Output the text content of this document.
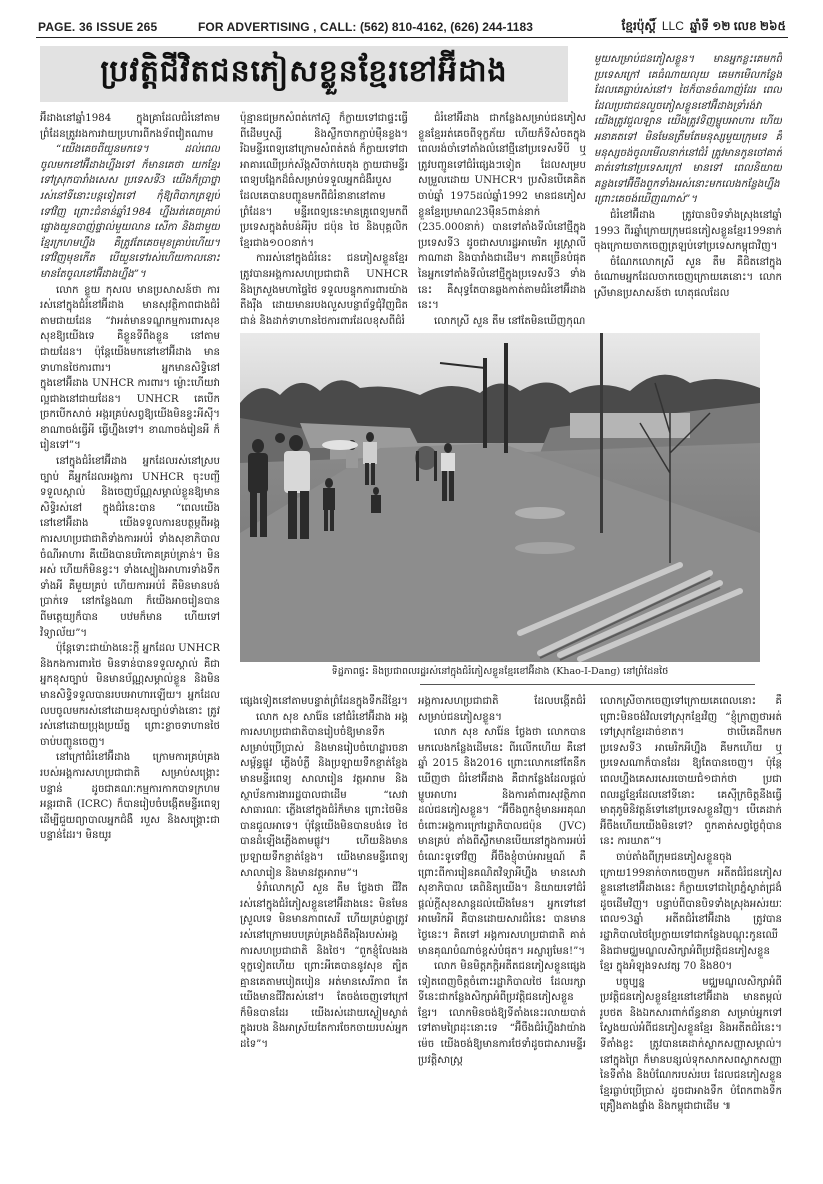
PAGE. 36 ISSUE 265	FOR ADVERTISING , CALL: (562) 810-4162, (626) 244-1183	ខ្មែរប៉ុស្តិ៍ LLC ឆ្នាំទី ១២ លេខ ២៦៥
ប្រវត្តិជីវិតជនភៀសខ្លួនខ្មែរខៅអ៊ីដាង

អ៊ីដាងនៅឆ្នាំ1984 ក្នុងគ្រាដែលជំរំនៅតាមព្រំដែនត្រូវរងការវាយប្រហារពីកងទ័ពវៀតណាម

“យើងគេចពីយួនមកទេ។ ដល់ពេលចូលមកខៅអ៊ីដាងហ្នឹងទៅ ក៏មានគេថា យកខ្មែរទៅស្រុកបារាំងសេស ប្រទេសទី3 យើងក៏ប្រាថ្នារស់នៅទីនោះបន្តទៀតទៅ កុំឱ្យពិបាកត្រឡប់ទៅវិញ ព្រោះជំនាន់ឆ្នាំ1984 ហ្នឹងរត់គេចគ្រាប់ផ្លោងយួនបាញ់ផ្ទាល់មួយលាន សើកា និងជាមួយខ្មែរក្រហមហ្នឹង គឺត្រូវតែគេចមុខគ្រាប់ហើយ។ ទៅវិញមុខកើត បើយួនទៅរស់ហើយកាលនោះ មានតែចូលខៅអ៊ីដាងហ្នឹង”។

លោក ខ្លួយ កុសល មានប្រសាសន៍ថា ការរស់នៅក្នុងជំរំខៅអ៊ីដាង មានសុវត្ថិភាពជាងជំរំតាមជាយដែន “វាអត់មានទណ្ឌកម្មការពារសុខសុខឱ្យយើងទេ គឺខ្លួនទីពឹងខ្លួន នៅតាមជាយដែន។ ប៉ុន្តែយើងមកនៅខៅអ៊ីដាង មានទាហានថៃការពារ។ អ្នកមានសិទ្ធិនៅក្នុងខៅអ៊ីដាង UNHCR ការពារ។ ម្ល៉ោះហើយវាល្អជាងនៅជាយដែន។ UNHCR គេបើកច្រកបើកសាច់ អង្ករគ្រប់សព្វឱ្យយើងមិនខ្វះអីស៊ី។ ខាណាចង់ធ្វើអី ធ្វើហ្នឹងទៅ។ ខាណាចង់រៀនអី ក៏រៀនទៅ”។

នៅក្នុងជំរំខៅអ៊ីដាង អ្នកដែលរស់នៅស្របច្បាប់ គឺអ្នកដែលអង្គការ UNHCR ចុះបញ្ជីទទួលស្គាល់ និងចេញប័ណ្ណសម្គាល់ខ្លួនឱ្យមានសិទ្ធិរស់នៅ ក្នុងជំរំនេះបាន “ពេលយើងនៅខៅអ៊ីដាង យើងទទួលការឧបត្ថម្ភពីអង្គការសហប្រជាជាតិទាំងការអប់រំ ទាំងសុខាភិបាល ចំណីអាហារ គឺយើងបានបរិភោគគ្រប់គ្រាន់។ មិនអស់ ហើយក៏មិនខ្វះ។ ទាំងស្បៀងអាហារទាំងទឹកទាំងអី គឺមួយគ្រប់ ហើយការអប់រំ គឺមិនមានបង់ប្រាក់ទេ នៅកន្លែងណា ក៏យើងអាចរៀនបាន ពីមត្តេយ្យក៏បាន បឋមក៏មាន ហើយទៅវិទ្យាល័យ”។

ប៉ុន្តែទោះជាយ៉ាងនេះក្តី អ្នកដែល UNHCR និងកងការពារថៃ មិនទាន់បានទទួលស្គាល់ គឺជាអ្នកខុសច្បាប់ មិនមានប័ណ្ណសម្គាល់ខ្លួន និងមិនមានសិទ្ធិទទួលបានរបបអាហារឡើយ។ អ្នកដែលលបចូលមករស់នៅដោយខុសច្បាប់ទាំងនោះ ត្រូវរស់នៅដោយប្រុងប្រយ័ត្ន ព្រោះខ្លាចទាហានថៃចាប់បញ្ជូនចេញ។

នៅក្រៅជំរំខៅអ៊ីដាង ក្រោមការគ្រប់គ្រងរបស់អង្គការសហប្រជាជាតិ សម្រាប់សង្គ្រោះបន្ទាន់ ដូចជាគណៈកម្មការកាកបាទក្រហមអន្តរជាតិ (ICRC) ក៏បានរៀបចំបង្កើតមន្ទីរពេទ្យ ដើម្បីជួយព្យាបាលអ្នកជំងឺ របួស និងសង្គ្រោះជាបន្ទាន់ដែរ។ មិនយូរ

ប៉ុន្មានជម្រកសំពត់កៅស៊ូ ក៏ក្លាយទៅជាផ្ទះធ្វើពីដើមឬស្សី និងស្លឹកចាកភ្ជាប់ម៉ឺនខ្លង។ រីឯមន្ទីរពេទ្យនៅក្រោមសំពត់តង់ ក៏ក្លាយទៅជាអាគារឈើប្រក់ស័ង្កសីចាក់បេតុង ក្លាយជាមន្ទីរពេទ្យបង្អែកដ៏ធំសម្រាប់ទទួលអ្នកជំងឺរបួសដែលគេបានបញ្ជូនមកពីជំរំនានានៅតាមព្រំដែន។ មន្ទីរពេទ្យនេះមានគ្រូពេទ្យមកពីប្រទេសក្នុងតំបន់អឺរ៉ុប ជប៉ុន ថៃ និងបុគ្គលិកខ្មែរជាង១០០នាក់។

ការរស់នៅក្នុងជំរំនេះ ជនភៀសខ្លួនខ្មែរត្រូវបានអង្គការសហប្រជាជាតិ UNHCR និងក្រសួងមហាផ្ទៃថៃ ទទួលបន្ទុកការពារយ៉ាងតឹងរ៉ឹង ដោយមានរបងលួសបន្លាព័ទ្ធជុំវិញជិតជាន់ និងដាក់ទាហានថៃការពារដែលខុសពីជំរំ

ជំរំខៅអ៊ីដាង ជាកន្លែងសម្រាប់ជនភៀសខ្លួនខ្មែររត់គេចពីទុក្ខភ័យ ហើយក៏ទីសំចតក្នុងពេលរង់ចាំទៅតាំងលំនៅថ្មីនៅប្រទេសទីបី ឬត្រូវបញ្ជូនទៅជំរំផ្សេងៗទៀត ដែលសម្របសម្រួលដោយ UNHCR។ ប្រសិនបើគេគិតចាប់ឆ្នាំ 1975ដល់ឆ្នាំ1992 មានជនភៀសខ្លួនខ្មែរប្រមាណ23ម៉ឺន5ពាន់នាក់ (235.000នាក់) បានទៅតាំងទីលំនៅថ្មីក្នុងប្រទេសទី3 ដូចជាសហរដ្ឋអាមេរិក អូស្ត្រាលី កាណាដា និងបារាំងជាដើម។ ភាគច្រើនបំផុតនៃអ្នកទៅតាំងទីលំនៅថ្មីក្នុងប្រទេសទី3 ទាំងនេះ គឺសុទ្ធតែបានឆ្លងកាត់តាមជំរំខៅអ៊ីដាងនេះ។

លោកស្រី សួន តឹម នៅតែមិនឃើញកុណ

មួយសម្រាប់ជនភៀសខ្លួន។ មានអ្នកខ្លះគេមកពីប្រទេសក្រៅ គេធំណាយលុយ គេមកមើលកន្លែងដែលគេធ្លាប់រស់នៅ។ ថៃក៏បានចំណាញ់ដែរ ពេលដែលប្រជាជនលួចភៀសខ្លួនខៅអ៊ីដាងទ្រាំរង់វា យើងត្រូវជួលឡាន យើងត្រូវទិញម្ហូបអាហារ ហើយអនាគតទៅ មិនមែនត្រឹមតែមនុស្សមួយក្រុមទេ គឺមនុស្សចង់ចូលមើលនាក់នៅជំរំ ត្រូវមានកូនចៅគាត់ គាត់ទៅនៅប្រទេសក្រៅ មានទៅ ពេលនិយាយគន្លងទៅអ៊ីចឹងពួកទាំងអស់នោះមកលេងកន្លែងហ្នឹង ព្រោះគេចង់ឃើញណាស់”។

ជំរំខៅអ៊ីដាង ត្រូវបានបិទទាំងស្រុងនៅឆ្នាំ 1993 ពីរឆ្នាំក្រោយក្រុមជនភៀសខ្លួនខ្មែរ199នាក់ចុងក្រោយចាកចេញត្រឡប់ទៅប្រទេសកម្ពុជាវិញ។

ចំណែកលោកស្រី សួន តឹម គឺជិតនៅក្នុងចំណោមអ្នកដែលចាកចេញក្រោយគេនោះ។ លោកស្រីមានប្រសាសន៍ថា ហេតុផលដែល

ទិដ្ឋភាពផ្ទះ និងប្រជាពលរដ្ឋរស់នៅក្នុងជំរំភៀសខ្លួនខ្មែរខៅអ៊ីដាង (Khao-I-Dang) នៅព្រំដែនថៃ

ផ្សេងទៀតនៅតាមបន្ទាត់ព្រំដែនក្នុងទឹកដីខ្មែរ។

លោក សុខ សារ៉ែន នៅជំរំខៅអ៊ីដាង អង្គការសហប្រជាជាតិបានរៀបចំឱ្យមានទឹកសម្រាប់ប្រើប្រាស់ និងមានរៀបចំហេដ្ឋារចនាសម្ព័ន្ធផ្លូវ ភ្លើងបំភ្លឺ និងប្រឡាយទឹកខ្ជាត់ខ្ជែង មានមន្ទីរពេទ្យ សាលារៀន វត្តអារាម និងស្ថាប័នការងាររដ្ឋបាលជាដើម “សេវាសាធារណៈ ភ្លើងនៅក្នុងជំរំក៏មាន ព្រោះថៃមិនបានជួលអាទេ។ ប៉ុន្តែយើងមិនបានបង់ទេ ថៃបានដំឡើងភ្លើងតាមផ្លូវ។ ហើយនិងមានប្រឡាយទឹកខ្ជាត់ខ្ជែង។ យើងមានមន្ទីរពេទ្យ សាលារៀន និងមានវត្តអារាម”។

ទំរាំលោកស្រី សួន តឹម ថ្លែងថា ជីវិតរស់នៅក្នុងជំរំភៀសខ្លួនខៅអ៊ីដាងនេះ មិនមែនស្រួលទេ មិនមានភាពសេរី ហើយគ្រប់គ្នាត្រូវរស់នៅក្រោមរបបគ្រប់គ្រងដ៏តឹងរ៉ឹងរបស់អង្គការសហប្រជាជាតិ និងថៃ។ “ពួកខ្ញុំលែងរងទុក្ខទៀតហើយ ព្រោះអីគេបាននូវសុខ ត្បិតគ្មានគេតាមបៀតបៀន អត់មានសេរីភាព តែយើងមានជីវិតរស់នៅ។ តែចង់ចេញទៅក្រៅ ក៏មិនបានដែរ យើងរស់ដោយស្ងៀមស្ងាត់ក្នុងរបង និងអាស្រ័យតែការចែកចាយរបស់អ្នកដទៃ”។

អង្គការសហប្រជាជាតិ ដែលបង្កើតជំរំសម្រាប់ជនភៀសខ្លួន។

លោក សុខ សារ៉ែន ថ្លែងថា លោកបានមកលេងកន្លែងដើមនេះ ពីរលើកហើយ គឺនៅឆ្នាំ 2015 និង2016 ព្រោះលោកនៅតែនឹកឃើញថា ជំរំខៅអ៊ីដាង គឺជាកន្លែងដែលផ្តល់ម្ហូបអាហារ និងការគាំពារសុវត្ថិភាពដល់ជនភៀសខ្លួន។ “អ៊ីចឹងពួកខ្ញុំមានអរគុណចំពោះអង្គការក្រៅរដ្ឋាភិបាលជប៉ុន (JVC) មានគ្រប់ តាំងពីស្លឹកមានបើយនៅក្នុងការអប់រំចំណេះទូទៅវិញ អ៊ីចឹងខ្ញុំចាប់អារម្មណ៍ គឺព្រោះពីការរៀនគណិតវិទ្យាអីហ្នឹង មានសេវាសុខាភិបាល គេពិនិត្យយើង។ និយាយទៅជំរំផ្តល់ក្តីសុខសាន្តដល់យើងមែន។ អ្នកទៅនៅអាមេរិកអី គឺបានដោយសារជំរំនេះ បានមានថ្ងៃនេះ។ គិតទៅ អង្គការសហប្រជាជាតិ គាត់មានគុណបំណាច់ខ្ពស់បំផុត។ អស្ចារ្យមែន!”។

លោក មិនមិត្តភក្តិអតីតជនភៀសខ្លួនផ្សេងទៀតពេញចិត្តចំពោះរដ្ឋាភិបាលថៃ ដែលរក្សាទីនេះជាកន្លែងសិក្សាអំពីប្រវត្តិជនភៀសខ្លួនខ្មែរ។ លោកមិនចង់ឱ្យទីតាំងនេះរលាយបាត់ទៅតាមព្រៃដុះនោះទេ “អ៊ីចឹងជំរំហ្នឹងវាយ៉ាងម៉េច យើងចង់ឱ្យមានការថែទាំដូចជាសារមន្ទីរប្រវត្តិសាស្ត្រ

លោកស្រីចាកចេញទៅក្រោយគេពេលនោះ គឺព្រោះមិនចង់វិលទៅស្រុកខ្មែរវិញ “ខ្ញុំក្រាញថាអត់ទៅស្រុកខ្មែរដាច់ខាត។ ថាបើគេដឹកមកប្រទេសទី3 អាមេរិកអីហ្នឹង គឺមកហើយ ឬប្រទេសណាក៏បានដែរ ឱ្យតែបានចេញ។ ប៉ុន្តែពេលហ្នឹងគេសរសេរចោយជំ១ជាក់ថា ប្រជាពលរដ្ឋខ្មែរដែលនៅទីនោះ គេស៊ីក្រចិត្តនឹងធ្វើមាតុភូមិនិវត្តន៍ទៅនៅប្រទេសខ្លួនវិញ។ បើគេដាក់អ៊ីចឹងហើយយើងមិនទៅ? ពួកគាត់សព្វថ្ងៃពុំបាននេះ ការឃាត”។

ចាប់តាំងពីក្រុមជនភៀសខ្លួនចុងក្រោយ199នាក់ចាកចេញមក អតីតជំរំជនភៀសខ្លួននៅខៅអ៊ីដាងនេះ ក៏ក្លាយទៅជាព្រៃភ្នំស្ងាត់ជ្រងំដូចដើមវិញ។ បន្ទាប់ពីបានបិទទាំងស្រុងអស់រយៈពេល១3ឆ្នាំ អតីតជំរំខៅអ៊ីដាង ត្រូវបានរដ្ឋាភិបាលថៃប្រែក្លាយទៅជាកន្លែងបណ្តុះកូនឈើ និងជាមជ្ឈមណ្ឌលសិក្សាអំពីប្រវត្តិជនភៀសខ្លួនខ្មែរ ក្នុងអំឡុងទសវត្ស 70 និង80។

បច្ចុប្បន្ន មជ្ឈមណ្ឌលសិក្សាអំពីប្រវត្តិជនភៀសខ្លួនខ្មែរនៅខៅអ៊ីដាង មានតម្កល់រូបថត និងឯកសារពាក់ព័ន្ធនានា សម្រាប់អ្នកទៅស្វែងយល់អំពីជនភៀសខ្លួនខ្មែរ និងអតីតជំរំនេះ។ ទីតាំងខ្លះ ត្រូវបានគេដាក់ស្លាកសញ្ញាសម្គាល់។ នៅក្នុងព្រៃ ក៏មានបន្សល់ទុកសាកសពស្លាកសញ្ញានៃទីតាំង និងបំណែករបស់របរ ដែលជនភៀសខ្លួនខ្មែរធ្លាប់ប្រើប្រាស់ ដូចជាអាងទឹក បំពែកពាងទឹកគ្រឿងតាងផ្ទាំង និងកម្ពុជាជាដើម ៕
